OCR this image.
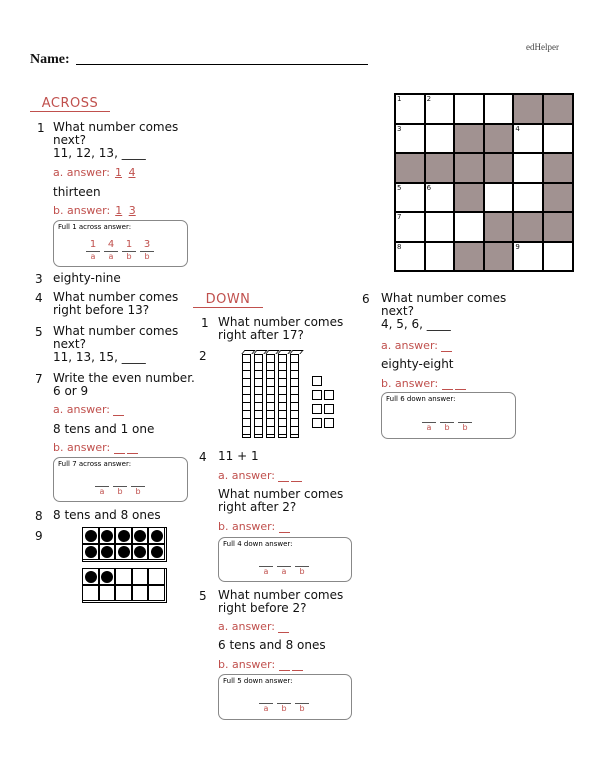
edHelper
Name:
ACROSS
1 What number comes
next?
11, 12, 13, ____
a. answer: 1 4
thirteen
b. answer: 1 3
Full 1 across answer:
1
a
4
a
1
b
3
b
3 eighty-nine
4 What number comes
right before 13?
5 What number comes
next?
11, 13, 15, ____
7 Write the even number.
6 or 9
a. answer:
8 tens and 1 one
b. answer:
Full 7 across answer:
a	b	b
8 8 tens and 8 ones
9
DOWN
1 What number comes
right after 17?
2
4 11 + 1
a. answer:
What number comes
right after 2?
b. answer:
Full 4 down answer:
a	a	b
5 What number comes
right before 2?
a. answer:
6 tens and 8 ones
b. answer:
Full 5 down answer:
a	b	b
6 What number comes
next?
4, 5, 6, ____
a. answer:
eighty-eight
b. answer:
Full 6 down answer:
a	b	b
1	2
3	4
5	6
7
8	9
